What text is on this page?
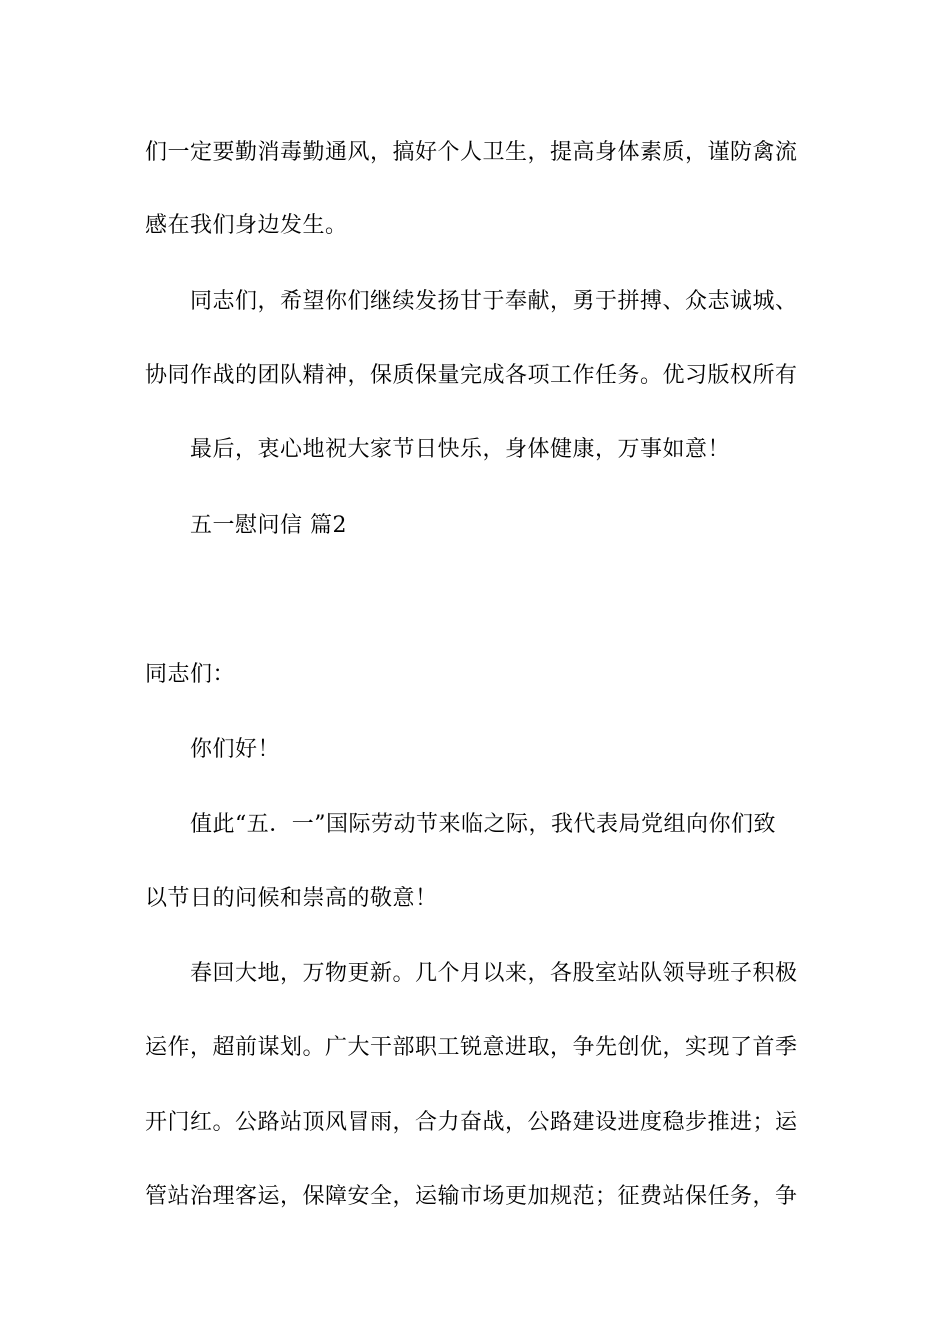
们一定要勤消毒勤通风，搞好个人卫生，提高身体素质，谨防禽流
感在我们身边发生。
同志们，希望你们继续发扬甘于奉献，勇于拼搏、众志诚城、
协同作战的团队精神，保质保量完成各项工作任务。优习版权所有
最后，衷心地祝大家节日快乐，身体健康，万事如意！
五一慰问信 篇2
同志们：
你们好！
值此“五．一”国际劳动节来临之际，我代表局党组向你们致
以节日的问候和崇高的敬意！
春回大地，万物更新。几个月以来，各股室站队领导班子积极
运作，超前谋划。广大干部职工锐意进取，争先创优，实现了首季
开门红。公路站顶风冒雨，合力奋战，公路建设进度稳步推进；运
管站治理客运，保障安全，运输市场更加规范；征费站保任务，争
